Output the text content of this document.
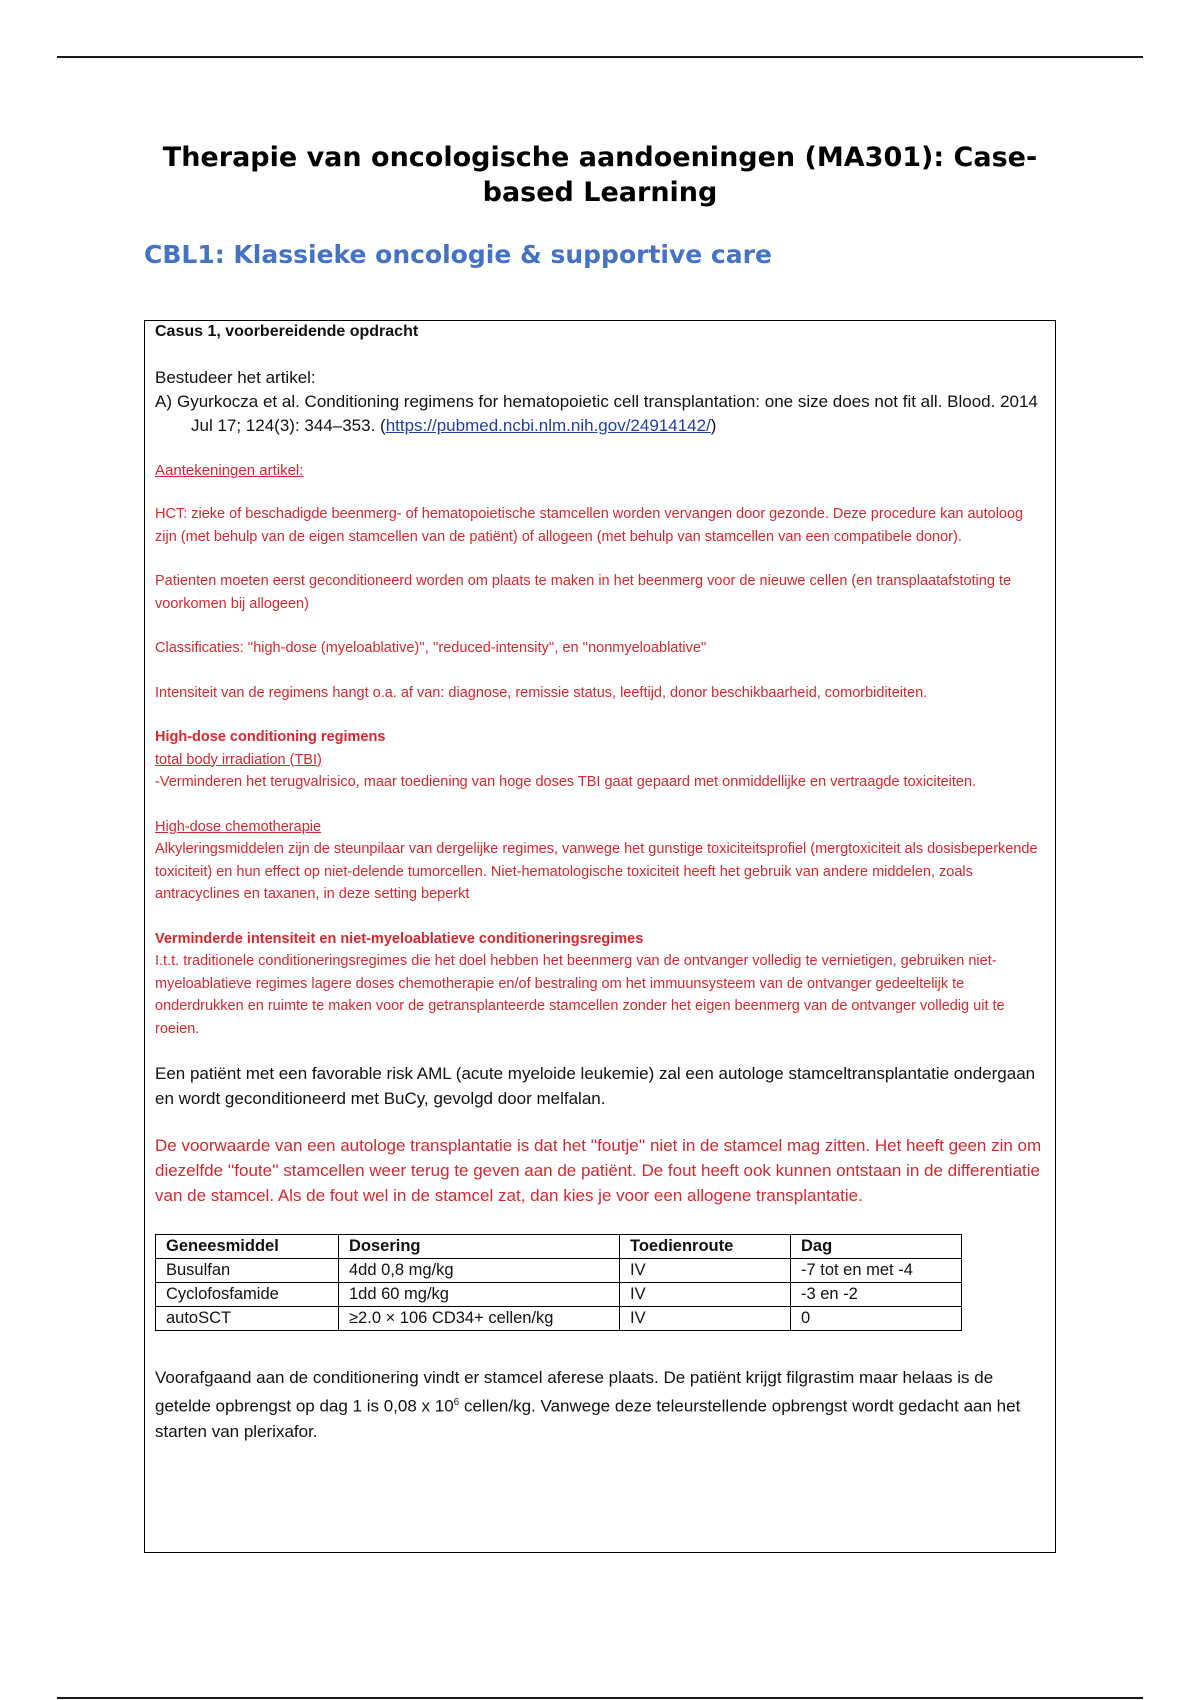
Therapie van oncologische aandoeningen (MA301): Case-based Learning
CBL1: Klassieke oncologie & supportive care

Casus 1, voorbereidende opdracht

Bestudeer het artikel:

A) Gyurkocza et al. Conditioning regimens for hematopoietic cell transplantation: one size does not fit all. Blood. 2014 Jul 17; 124(3): 344–353. (https://pubmed.ncbi.nlm.nih.gov/24914142/)

Aantekeningen artikel:

HCT: zieke of beschadigde beenmerg- of hematopoietische stamcellen worden vervangen door gezonde. Deze procedure kan autoloog zijn (met behulp van de eigen stamcellen van de patiënt) of allogeen (met behulp van stamcellen van een compatibele donor).

Patienten moeten eerst geconditioneerd worden om plaats te maken in het beenmerg voor de nieuwe cellen (en transplaatafstoting te voorkomen bij allogeen)

Classificaties: ''high-dose (myeloablative)'', ''reduced-intensity'', en ''nonmyeloablative''

Intensiteit van de regimens hangt o.a. af van: diagnose, remissie status, leeftijd, donor beschikbaarheid, comorbiditeiten.

High-dose conditioning regimens
total body irradiation (TBI)
-Verminderen het terugvalrisico, maar toediening van hoge doses TBI gaat gepaard met onmiddellijke en vertraagde toxiciteiten.
High-dose chemotherapie
Alkyleringsmiddelen zijn de steunpilaar van dergelijke regimes, vanwege het gunstige toxiciteitsprofiel (mergtoxiciteit als dosisbeperkende toxiciteit) en hun effect op niet-delende tumorcellen. Niet-hematologische toxiciteit heeft het gebruik van andere middelen, zoals antracyclines en taxanen, in deze setting beperkt
Verminderde intensiteit en niet-myeloablatieve conditioneringsregimes
I.t.t. traditionele conditioneringsregimes die het doel hebben het beenmerg van de ontvanger volledig te vernietigen, gebruiken niet-myeloablatieve regimes lagere doses chemotherapie en/of bestraling om het immuunsysteem van de ontvanger gedeeltelijk te onderdrukken en ruimte te maken voor de getransplanteerde stamcellen zonder het eigen beenmerg van de ontvanger volledig uit te roeien.

Een patiënt met een favorable risk AML (acute myeloide leukemie) zal een autologe stamceltransplantatie ondergaan en wordt geconditioneerd met BuCy, gevolgd door melfalan.

De voorwaarde van een autologe transplantatie is dat het ''foutje'' niet in de stamcel mag zitten. Het heeft geen zin om diezelfde ''foute'' stamcellen weer terug te geven aan de patiënt. De fout heeft ook kunnen ontstaan in de differentiatie van de stamcel. Als de fout wel in de stamcel zat, dan kies je voor een allogene transplantatie.

Geneesmiddel	Dosering	Toedienroute	Dag
Busulfan	4dd 0,8 mg/kg	IV	-7 tot en met -4
Cyclofosfamide	1dd 60 mg/kg	IV	-3 en -2
autoSCT	≥2.0 × 106 CD34+ cellen/kg	IV	0

Voorafgaand aan de conditionering vindt er stamcel aferese plaats. De patiënt krijgt filgrastim maar helaas is de getelde opbrengst op dag 1 is 0,08 x $10^6$ cellen/kg. Vanwege deze teleurstellende opbrengst wordt gedacht aan het starten van plerixafor.
